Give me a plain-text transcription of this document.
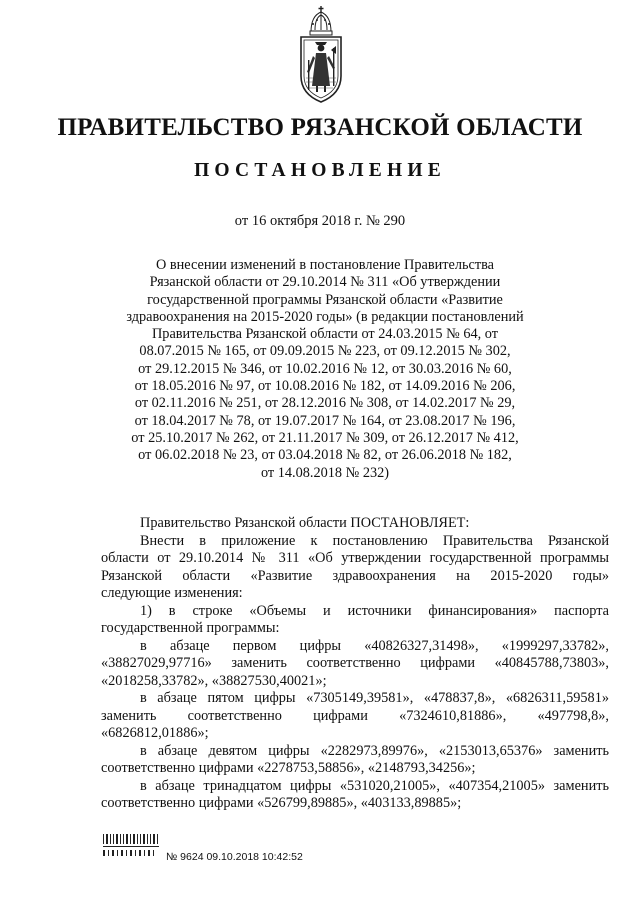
ПРАВИТЕЛЬСТВО РЯЗАНСКОЙ ОБЛАСТИ
ПОСТАНОВЛЕНИЕ
от 16 октября 2018 г. № 290
О внесении изменений в постановление Правительства
Рязанской области от 29.10.2014 № 311 «Об утверждении
государственной программы Рязанской области «Развитие
здравоохранения на 2015-2020 годы» (в редакции постановлений
Правительства Рязанской области от 24.03.2015 № 64, от
08.07.2015 № 165, от 09.09.2015 № 223, от 09.12.2015 № 302,
от 29.12.2015 № 346, от 10.02.2016 № 12, от 30.03.2016 № 60,
от 18.05.2016 № 97, от 10.08.2016 № 182, от 14.09.2016 № 206,
от 02.11.2016 № 251, от 28.12.2016 № 308, от 14.02.2017 № 29,
от 18.04.2017 № 78, от 19.07.2017 № 164, от 23.08.2017 № 196,
от 25.10.2017 № 262, от 21.11.2017 № 309, от 26.12.2017 № 412,
от 06.02.2018 № 23, от 03.04.2018 № 82, от 26.06.2018 № 182,
от 14.08.2018 № 232)
Правительство Рязанской области ПОСТАНОВЛЯЕТ:
Внести в приложение к постановлению Правительства Рязанской
области от 29.10.2014 № 311 «Об утверждении государственной программы
Рязанской области «Развитие здравоохранения на 2015-2020 годы»
следующие изменения:
1) в строке «Объемы и источники финансирования» паспорта
государственной программы:
в абзаце первом цифры «40826327,31498», «1999297,33782»,
«38827029,97716» заменить соответственно цифрами «40845788,73803»,
«2018258,33782», «38827530,40021»;
в абзаце пятом цифры «7305149,39581», «478837,8», «6826311,59581»
заменить соответственно цифрами «7324610,81886», «497798,8»,
«6826812,01886»;
в абзаце девятом цифры «2282973,89976», «2153013,65376» заменить
соответственно цифрами «2278753,58856», «2148793,34256»;
в абзаце тринадцатом цифры «531020,21005», «407354,21005» заменить
соответственно цифрами «526799,89885», «403133,89885»;
№ 9624 09.10.2018 10:42:52
